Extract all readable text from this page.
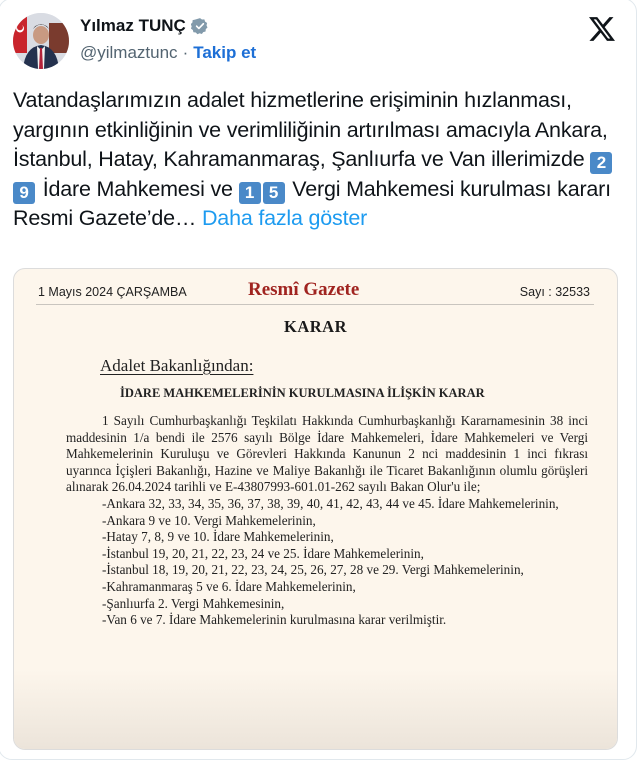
Yılmaz TUNÇ
@yilmaztunc · Takip et
Vatandaşlarımızın adalet hizmetlerine erişiminin hızlanması, yargının etkinliğinin ve verimliliğinin artırılması amacıyla Ankara, İstanbul, Hatay, Kahramanmaraş, Şanlıurfa ve Van illerimizde 29 İdare Mahkemesi ve 1 5 Vergi Mahkemesi kurulması kararı Resmi Gazete’de… Daha fazla göster
1 Mayıs 2024 ÇARŞAMBA	Resmî Gazete	Sayı : 32533
KARAR
Adalet Bakanlığından:
İDARE MAHKEMELERİNİN KURULMASINA İLİŞKİN KARAR

1 Sayılı Cumhurbaşkanlığı Teşkilatı Hakkında Cumhurbaşkanlığı Kararnamesinin 38 inci maddesinin 1/a bendi ile 2576 sayılı Bölge İdare Mahkemeleri, İdare Mahkemeleri ve Vergi Mahkemelerinin Kuruluşu ve Görevleri Hakkında Kanunun 2 nci maddesinin 1 inci fıkrası uyarınca İçişleri Bakanlığı, Hazine ve Maliye Bakanlığı ile Ticaret Bakanlığının olumlu görüşleri alınarak 26.04.2024 tarihli ve E-43807993-601.01-262 sayılı Bakan Olur'u ile;

-Ankara 32, 33, 34, 35, 36, 37, 38, 39, 40, 41, 42, 43, 44 ve 45. İdare Mahkemelerinin,
-Ankara 9 ve 10. Vergi Mahkemelerinin,
-Hatay 7, 8, 9 ve 10. İdare Mahkemelerinin,
-İstanbul 19, 20, 21, 22, 23, 24 ve 25. İdare Mahkemelerinin,
-İstanbul 18, 19, 20, 21, 22, 23, 24, 25, 26, 27, 28 ve 29. Vergi Mahkemelerinin,
-Kahramanmaraş 5 ve 6. İdare Mahkemelerinin,
-Şanlıurfa 2. Vergi Mahkemesinin,
-Van 6 ve 7. İdare Mahkemelerinin kurulmasına karar verilmiştir.
